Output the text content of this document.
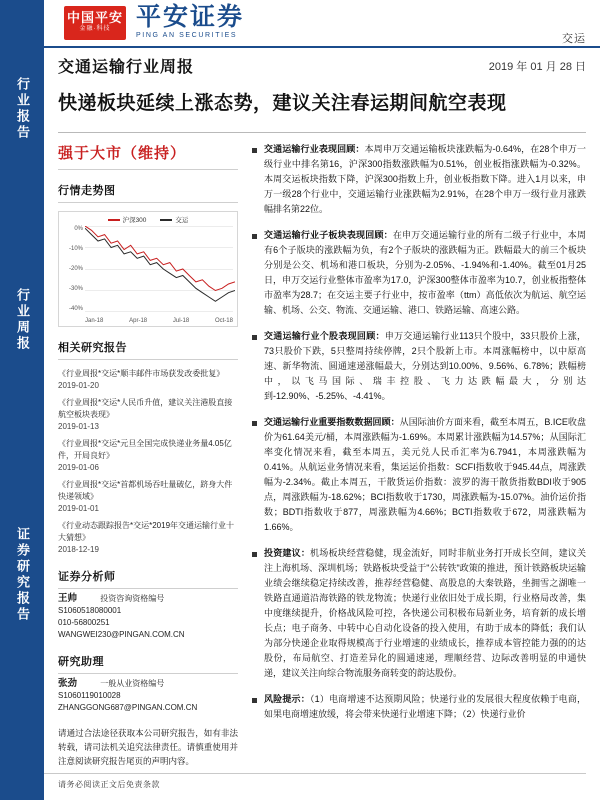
行业报告
行业周报
证券研究报告
中国平安
金融·科技 平安证券
PING AN SECURITIES	交运
交通运输行业周报	2019 年 01 月 28 日
快递板块延续上涨态势，建议关注春运期间航空表现
强于大市（维持）
行情走势图
沪深300	交运
0%
-10%
-20%
-30%
-40%
Jan-18	Apr-18	Jul-18	Oct-18
相关研究报告
《行业周报*交运*顺丰邮件市场获发改委批复》
2019-01-20
《行业周报*交运*人民币升值，建议关注港股直接航空板块表现》
2019-01-13
《行业周报*交运*元旦全国完成快递业务量4.05亿件，开局良好》
2019-01-06
《行业周报*交运*首都机场吞吐量破亿，跻身大件快递领域》
2019-01-01
《行业动态跟踪报告*交运*2019年交通运输行业十大猜想》
2018-12-19
证券分析师
王帅	投资咨询资格编号
S1060518080001
010-56800251
WANGWEI230@PINGAN.COM.CN
研究助理
张劲	一般从业资格编号
S1060119010028
ZHANGGONG687@PINGAN.COM.CN
请通过合法途径获取本公司研究报告，如有非法转载，请司法机关追究法律责任。请慎重使用并注意阅读研究报告尾页的声明内容。
交通运输行业表现回顾：本周申万交通运输板块涨跌幅为-0.64%，在28个申万一级行业中排名第16，沪深300指数涨跌幅为0.51%，创业板指涨跌幅为-0.32%。本周交运板块指数下降，沪深300指数上升，创业板指数下降。进入1月以来，申万一级28个行业中，交通运输行业涨跌幅为2.91%，在28个申万一级行业月涨跌幅排名第22位。
交通运输行业子板块表现回顾：在申万交通运输行业的所有二级子行业中，本周有6个子版块的涨跌幅为负，有2个子版块的涨跌幅为正。跌幅最大的前三个板块分别是公交、机场和港口板块，分别为-2.05%、-1.94%和-1.40%。截至01月25日，申万交运行业整体市盈率为17.0，沪深300整体市盈率为10.7，创业板指整体市盈率为28.7；在交运主要子行业中，按市盈率（ttm）高低依次为航运、航空运输、机场、公交、物流、交通运输、港口、铁路运输、高速公路。
交通运输行业个股表现回顾：申万交通运输行业113只个股中，33只股价上涨，73只股价下跌，5只整周持续停牌，2只个股新上市。本周涨幅榜中，以中原高速、新华物流、圆通速递涨幅最大，分别达到10.00%、9.56%、6.78%；跌幅榜中，以飞马国际、瑞丰控股、飞力达跌幅最大，分别达到-12.90%、-5.25%、-4.41%。
交通运输行业重要指数数据回顾：从国际油价方面来看，截至本周五，B.ICE收盘价为61.64美元/桶，本周涨跌幅为-1.69%。本周累计涨跌幅为14.57%；从国际汇率变化情况来看，截至本周五，美元兑人民币汇率为6.7941，本周涨跌幅为0.41%。从航运业务情况来看，集运运价指数：SCFI指数收于945.44点，周涨跌幅为-2.34%。截止本周五，干散货运价指数：波罗的海干散货指数BDI收于905点，周涨跌幅为-18.62%；BCI指数收于1730，周涨跌幅为-15.07%。油价运价指数；BDTI指数收于877，周涨跌幅为4.66%；BCTI指数收于672，周涨跌幅为1.66%。
投资建议：机场板块经营稳健，现金流好，同时非航业务打开成长空间，建议关注上海机场、深圳机场；铁路板块受益于"公转铁"政策的推进，预计铁路板块运输业绩会继续稳定持续改善，推荐经营稳健、高股息的大秦铁路，坐拥雪之湖唯一铁路直通道沿海铁路的铁龙物流；快递行业依旧处于成长期，行业格局改善，集中度继续提升，价格战风险可控，各快递公司积极布局新业务，培育新的成长增长点；电子商务、中转中心自动化设备的投入使用，有助于成本的降低；我们认为部分快递企业取得规模高于行业增速的业绩成长，推荐成本管控能力强的的达股份，布局航空、打造差异化的圆通速递，理顺经营、边际改善明显的申通快递，建议关注向综合物流服务商转变的韵达股份。
风险提示：（1）电商增速不达预期风险；快递行业的发展很大程度依赖于电商，如果电商增速放缓，将会带来快递行业增速下降；（2）快递行业价
请务必阅读正文后免责条款
